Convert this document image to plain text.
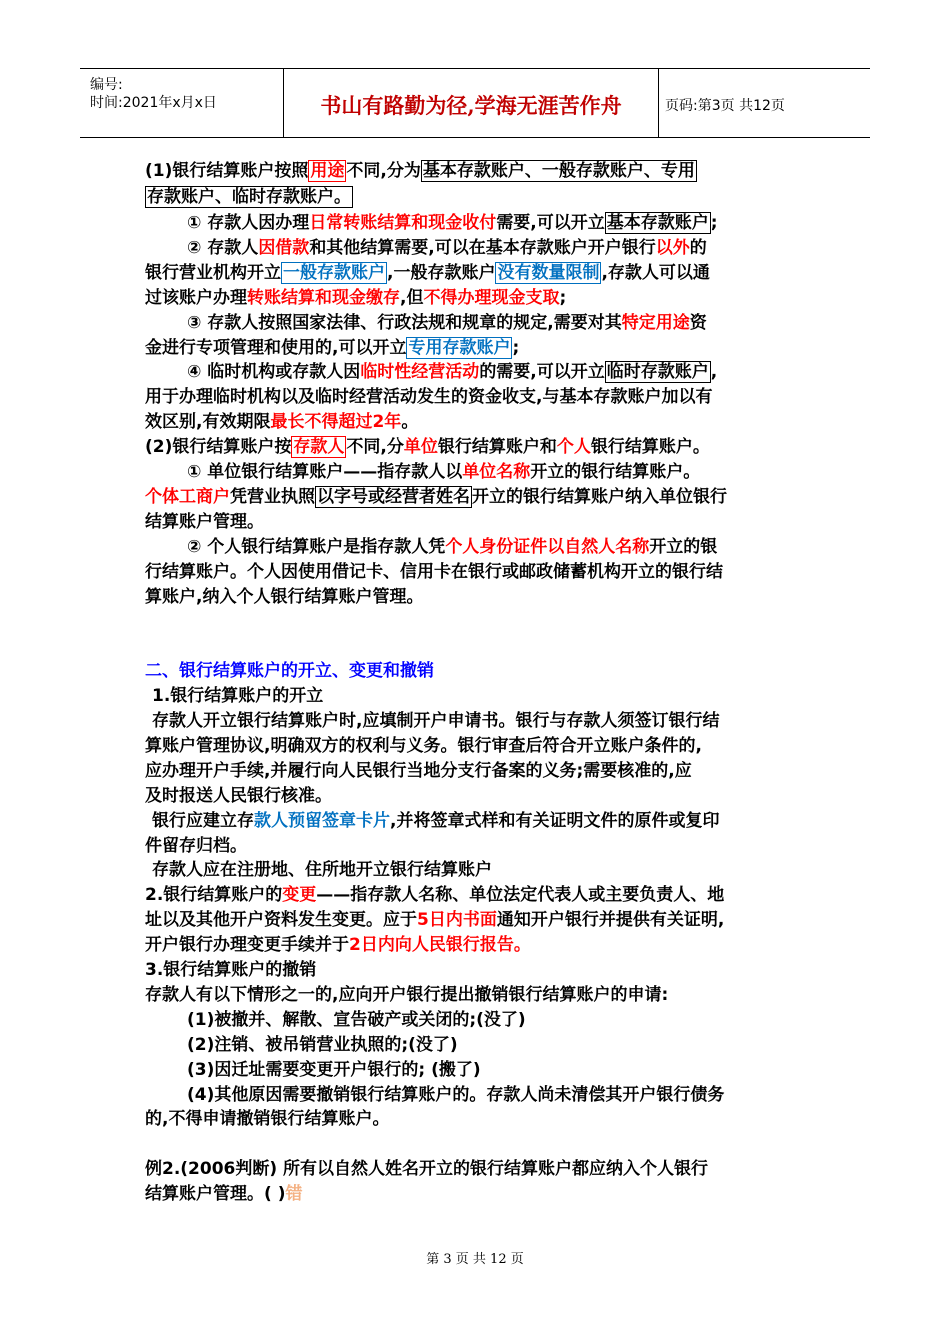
编号:
时间:2021年x月x日	书山有路勤为径,学海无涯苦作舟	页码:第3页 共12页
(1)银行结算账户按照 用途 不同,分为 基本存款账户、一般存款账户、专用
存款账户、临时存款账户。
① 存款人因办理日常转账结算和现金收付需要,可以开立 基本存款账户 ;
② 存款人因借款和其他结算需要,可以在基本存款账户开户银行以外的
银行营业机构开立 一般存款账户 ,一般存款账户 没有数量限制 ,存款人可以通
过该账户办理转账结算和现金缴存,但不得办理现金支取;
③ 存款人按照国家法律、行政法规和规章的规定,需要对其特定用途资
金进行专项管理和使用的,可以开立 专用存款账户 ;
④ 临时机构或存款人因临时性经营活动的需要,可以开立 临时存款账户 ,
用于办理临时机构以及临时经营活动发生的资金收支,与基本存款账户加以有
效区别,有效期限最长不得超过2年。
(2)银行结算账户按 存款人 不同,分单位银行结算账户和个人银行结算账户。
① 单位银行结算账户——指存款人以单位名称开立的银行结算账户。
个体工商户凭营业执照 以字号或经营者姓名 开立的银行结算账户纳入单位银行
结算账户管理。
② 个人银行结算账户是指存款人凭个人身份证件以自然人名称开立的银
行结算账户。个人因使用借记卡、信用卡在银行或邮政储蓄机构开立的银行结
算账户,纳入个人银行结算账户管理。
二、银行结算账户的开立、变更和撤销
1.银行结算账户的开立
存款人开立银行结算账户时,应填制开户申请书。银行与存款人须签订银行结
算账户管理协议,明确双方的权利与义务。银行审查后符合开立账户条件的,
应办理开户手续,并履行向人民银行当地分支行备案的义务;需要核准的,应
及时报送人民银行核准。
银行应建立存款人预留签章卡片,并将签章式样和有关证明文件的原件或复印
件留存归档。
存款人应在注册地、住所地开立银行结算账户
2.银行结算账户的变更——指存款人名称、单位法定代表人或主要负责人、地
址以及其他开户资料发生变更。应于5日内书面通知开户银行并提供有关证明,
开户银行办理变更手续并于2日内向人民银行报告。
3.银行结算账户的撤销
存款人有以下情形之一的,应向开户银行提出撤销银行结算账户的申请:
(1)被撤并、解散、宣告破产或关闭的;(没了)
(2)注销、被吊销营业执照的;(没了)
(3)因迁址需要变更开户银行的; (搬了)
(4)其他原因需要撤销银行结算账户的。存款人尚未清偿其开户银行债务
的,不得申请撤销银行结算账户。
例2.(2006判断) 所有以自然人姓名开立的银行结算账户都应纳入个人银行
结算账户管理。( )错
第 3 页 共 12 页
